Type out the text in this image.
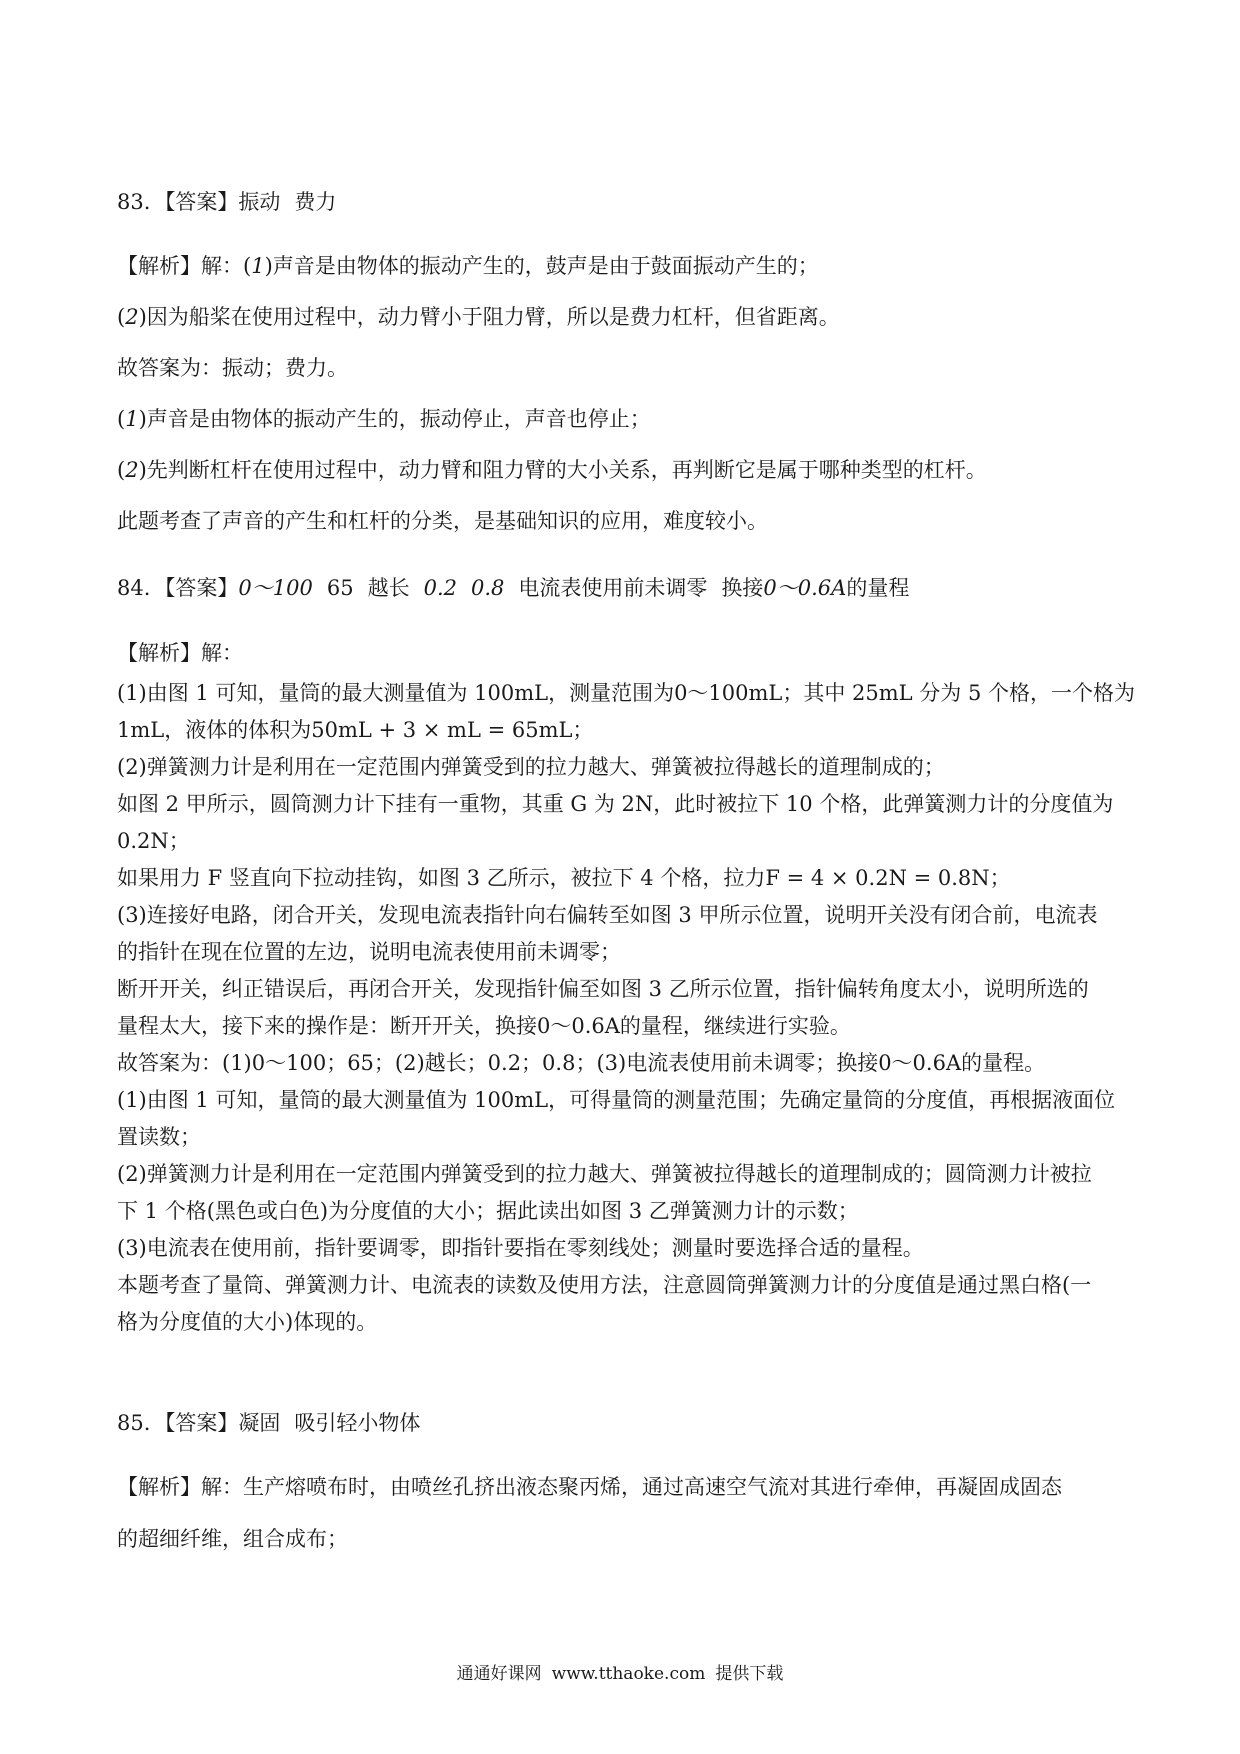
83. 【答案】振动 费力
【解析】解：(1)声音是由物体的振动产生的，鼓声是由于鼓面振动产生的；
(2)因为船桨在使用过程中，动力臂小于阻力臂，所以是费力杠杆，但省距离。
故答案为：振动；费力。
(1)声音是由物体的振动产生的，振动停止，声音也停止；
(2)先判断杠杆在使用过程中，动力臂和阻力臂的大小关系，再判断它是属于哪种类型的杠杆。
此题考查了声音的产生和杠杆的分类，是基础知识的应用，难度较小。
84. 【答案】0～100 65 越长 0.2 0.8 电流表使用前未调零 换接0～0.6A的量程
【解析】解：
(1)由图 1 可知，量筒的最大测量值为 100mL，测量范围为0～100mL；其中 25mL 分为 5 个格，一个格为
1mL，液体的体积为50mL + 3 × mL = 65mL；
(2)弹簧测力计是利用在一定范围内弹簧受到的拉力越大、弹簧被拉得越长的道理制成的；
如图 2 甲所示，圆筒测力计下挂有一重物，其重 G 为 2N，此时被拉下 10 个格，此弹簧测力计的分度值为
0.2N；
如果用力 F 竖直向下拉动挂钩，如图 3 乙所示，被拉下 4 个格，拉力F = 4 × 0.2N = 0.8N；
(3)连接好电路，闭合开关，发现电流表指针向右偏转至如图 3 甲所示位置，说明开关没有闭合前，电流表
的指针在现在位置的左边，说明电流表使用前未调零；
断开开关，纠正错误后，再闭合开关，发现指针偏至如图 3 乙所示位置，指针偏转角度太小，说明所选的
量程太大，接下来的操作是：断开开关，换接0～0.6A的量程，继续进行实验。
故答案为：(1)0～100；65；(2)越长；0.2；0.8；(3)电流表使用前未调零；换接0～0.6A的量程。
(1)由图 1 可知，量筒的最大测量值为 100mL，可得量筒的测量范围；先确定量筒的分度值，再根据液面位
置读数；
(2)弹簧测力计是利用在一定范围内弹簧受到的拉力越大、弹簧被拉得越长的道理制成的；圆筒测力计被拉
下 1 个格(黑色或白色)为分度值的大小；据此读出如图 3 乙弹簧测力计的示数；
(3)电流表在使用前，指针要调零，即指针要指在零刻线处；测量时要选择合适的量程。
本题考查了量筒、弹簧测力计、电流表的读数及使用方法，注意圆筒弹簧测力计的分度值是通过黑白格(一
格为分度值的大小)体现的。
85. 【答案】凝固 吸引轻小物体
【解析】解：生产熔喷布时，由喷丝孔挤出液态聚丙烯，通过高速空气流对其进行牵伸，再凝固成固态
的超细纤维，组合成布；
通通好课网 www.tthaoke.com 提供下载
